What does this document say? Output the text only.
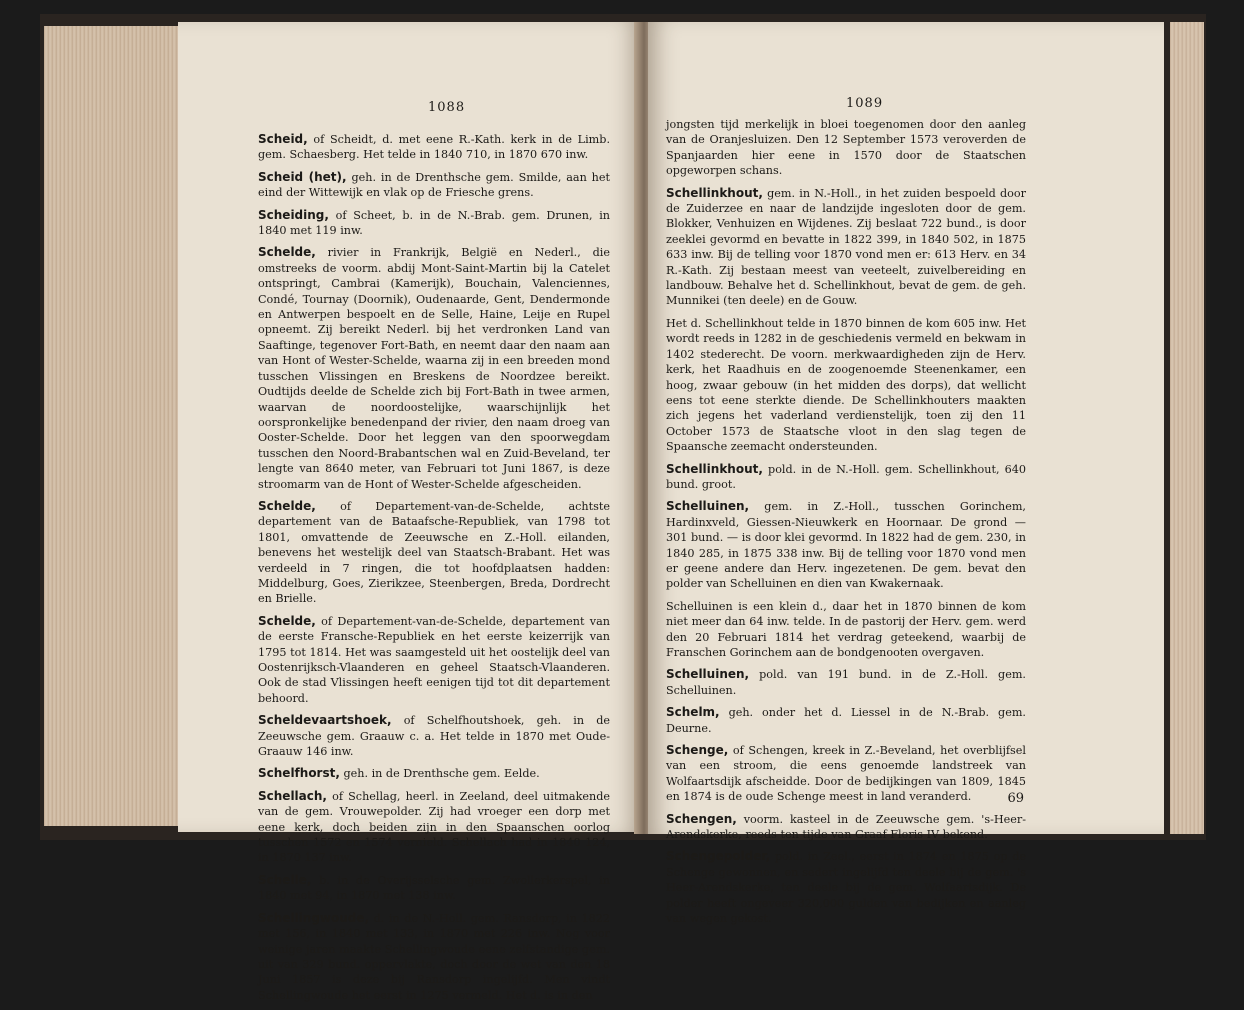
1088

Scheid, of Scheidt, d. met eene R.-Kath. kerk in de Limb. gem. Schaesberg. Het telde in 1840 710, in 1870 670 inw.

Scheid (het), geh. in de Drenthsche gem. Smilde, aan het eind der Wittewijk en vlak op de Friesche grens.

Scheiding, of Scheet, b. in de N.-Brab. gem. Drunen, in 1840 met 119 inw.

Schelde, rivier in Frankrijk, België en Nederl., die omstreeks de voorm. abdij Mont-Saint-Martin bij la Catelet ontspringt, Cambrai (Kamerijk), Bouchain, Valenciennes, Condé, Tournay (Doornik), Oudenaarde, Gent, Dendermonde en Antwerpen bespoelt en de Selle, Haine, Leije en Rupel opneemt. Zij bereikt Nederl. bij het verdronken Land van Saaftinge, tegenover Fort-Bath, en neemt daar den naam aan van Hont of Wester-Schelde, waarna zij in een breeden mond tusschen Vlissingen en Breskens de Noordzee bereikt. Oudtijds deelde de Schelde zich bij Fort-Bath in twee armen, waarvan de noordoostelijke, waarschijnlijk het oorspronkelijke benedenpand der rivier, den naam droeg van Ooster-Schelde. Door het leggen van den spoorwegdam tusschen den Noord-Brabantschen wal en Zuid-Beveland, ter lengte van 8640 meter, van Februari tot Juni 1867, is deze stroomarm van de Hont of Wester-Schelde afgescheiden.

Schelde, of Departement-van-de-Schelde, achtste departement van de Bataafsche-Republiek, van 1798 tot 1801, omvattende de Zeeuwsche en Z.-Holl. eilanden, benevens het westelijk deel van Staatsch-Brabant. Het was verdeeld in 7 ringen, die tot hoofdplaatsen hadden: Middelburg, Goes, Zierikzee, Steenbergen, Breda, Dordrecht en Brielle.

Schelde, of Departement-van-de-Schelde, departement van de eerste Fransche-Republiek en het eerste keizerrijk van 1795 tot 1814. Het was saamgesteld uit het oostelijk deel van Oostenrijksch-Vlaanderen en geheel Staatsch-Vlaanderen. Ook de stad Vlissingen heeft eenigen tijd tot dit departement behoord.

Scheldevaartshoek, of Schelfhoutshoek, geh. in de Zeeuwsche gem. Graauw c. a. Het telde in 1870 met Oude-Graauw 146 inw.

Schelfhorst, geh. in de Drenthsche gem. Eelde.

Schellach, of Schellag, heerl. in Zeeland, deel uitmakende van de gem. Vrouwepolder. Zij had vroeger een dorp met eene kerk, doch beiden zijn in den Spaanschen oorlog tusschen 1572 en 1574 vernield. Schellach had in 1840 124, in 1870 137 inw.

Schelle, b. in de Overijsselsche gem. Zwollerkerspel, in 1840 met 94, in 1870 met 138 inw.

Schellingwoude, d. in de N.-Holl. gem. Ransdorp, in 1822 met 156, in 1840 met 133, in 1870 met 226 inw. Nog voor weinige jaren maakte Schellingwoude eene zelfstandige gem. uit van 329 bund. oppervlakte, doch door de wet van den 18 Juni 1857 is deze bij Ransdorp ingelijfd. Men vindt Schellingwoude het eerst in 1275 vermeld. Het d. is in den

1089

jongsten tijd merkelijk in bloei toegenomen door den aanleg van de Oranjesluizen. Den 12 September 1573 veroverden de Spanjaarden hier eene in 1570 door de Staatschen opgeworpen schans.

Schellinkhout, gem. in N.-Holl., in het zuiden bespoeld door de Zuiderzee en naar de landzijde ingesloten door de gem. Blokker, Venhuizen en Wijdenes. Zij beslaat 722 bund., is door zeeklei gevormd en bevatte in 1822 399, in 1840 502, in 1875 633 inw. Bij de telling voor 1870 vond men er: 613 Herv. en 34 R.-Kath. Zij bestaan meest van veeteelt, zuivelbereiding en landbouw. Behalve het d. Schellinkhout, bevat de gem. de geh. Munnikei (ten deele) en de Gouw.

Het d. Schellinkhout telde in 1870 binnen de kom 605 inw. Het wordt reeds in 1282 in de geschiedenis vermeld en bekwam in 1402 stederecht. De voorn. merkwaardigheden zijn de Herv. kerk, het Raadhuis en de zoogenoemde Steenenkamer, een hoog, zwaar gebouw (in het midden des dorps), dat wellicht eens tot eene sterkte diende. De Schellinkhouters maakten zich jegens het vaderland verdienstelijk, toen zij den 11 October 1573 de Staatsche vloot in den slag tegen de Spaansche zeemacht ondersteunden.

Schellinkhout, pold. in de N.-Holl. gem. Schellinkhout, 640 bund. groot.

Schelluinen, gem. in Z.-Holl., tusschen Gorinchem, Hardinxveld, Giessen-Nieuwkerk en Hoornaar. De grond — 301 bund. — is door klei gevormd. In 1822 had de gem. 230, in 1840 285, in 1875 338 inw. Bij de telling voor 1870 vond men er geene andere dan Herv. ingezetenen. De gem. bevat den polder van Schelluinen en dien van Kwakernaak.

Schelluinen is een klein d., daar het in 1870 binnen de kom niet meer dan 64 inw. telde. In de pastorij der Herv. gem. werd den 20 Februari 1814 het verdrag geteekend, waarbij de Franschen Gorinchem aan de bondgenooten overgaven.

Schelluinen, pold. van 191 bund. in de Z.-Holl. gem. Schelluinen.

Schelm, geh. onder het d. Liessel in de N.-Brab. gem. Deurne.

Schenge, of Schengen, kreek in Z.-Beveland, het overblijfsel van een stroom, die eens genoemde landstreek van Wolfaartsdijk afscheidde. Door de bedijkingen van 1809, 1845 en 1874 is de oude Schenge meest in land veranderd.

Schengen, voorm. kasteel in de Zeeuwsche gem. 's-Heer-Arendskerke, reeds ten tijde van Graaf Floris IV bekend.

Schengepolder, pold. in Zeel., eerst in 1874 en 1875 op de Schenge gewonnen, en sedert ingelijfd ten deele bij de gem. 's Heer-Arendskerke, ten deele bij de gem. Wolfaartsdijk. De polder heeft ongeveer 320,000 gulden van bedijken en aanleg van wegen gekost.

69
